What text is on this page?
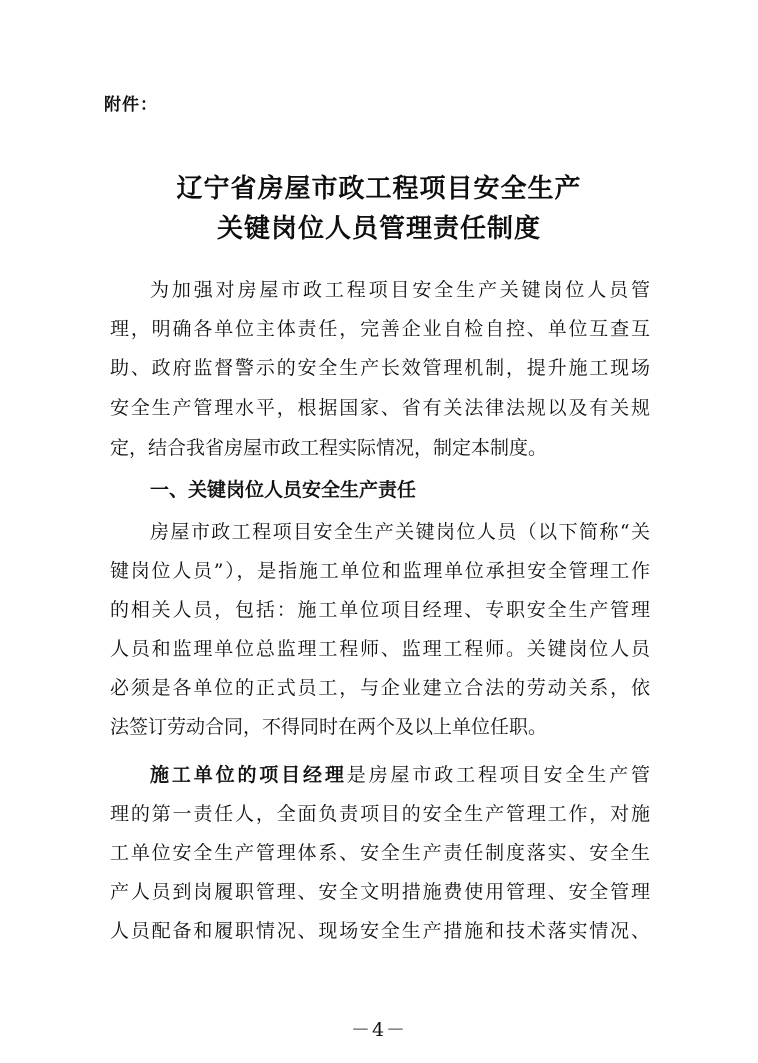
附件：
辽宁省房屋市政工程项目安全生产
关键岗位人员管理责任制度
为加强对房屋市政工程项目安全生产关键岗位人员管
理，明确各单位主体责任，完善企业自检自控、单位互查互
助、政府监督警示的安全生产长效管理机制，提升施工现场
安全生产管理水平，根据国家、省有关法律法规以及有关规
定，结合我省房屋市政工程实际情况，制定本制度。
一、关键岗位人员安全生产责任
房屋市政工程项目安全生产关键岗位人员（以下简称“关
键岗位人员”），是指施工单位和监理单位承担安全管理工作
的相关人员，包括：施工单位项目经理、专职安全生产管理
人员和监理单位总监理工程师、监理工程师。关键岗位人员
必须是各单位的正式员工，与企业建立合法的劳动关系，依
法签订劳动合同，不得同时在两个及以上单位任职。
施工单位的项目经理是房屋市政工程项目安全生产管
理的第一责任人，全面负责项目的安全生产管理工作，对施
工单位安全生产管理体系、安全生产责任制度落实、安全生
产人员到岗履职管理、安全文明措施费使用管理、安全管理
人员配备和履职情况、现场安全生产措施和技术落实情况、
－4－
